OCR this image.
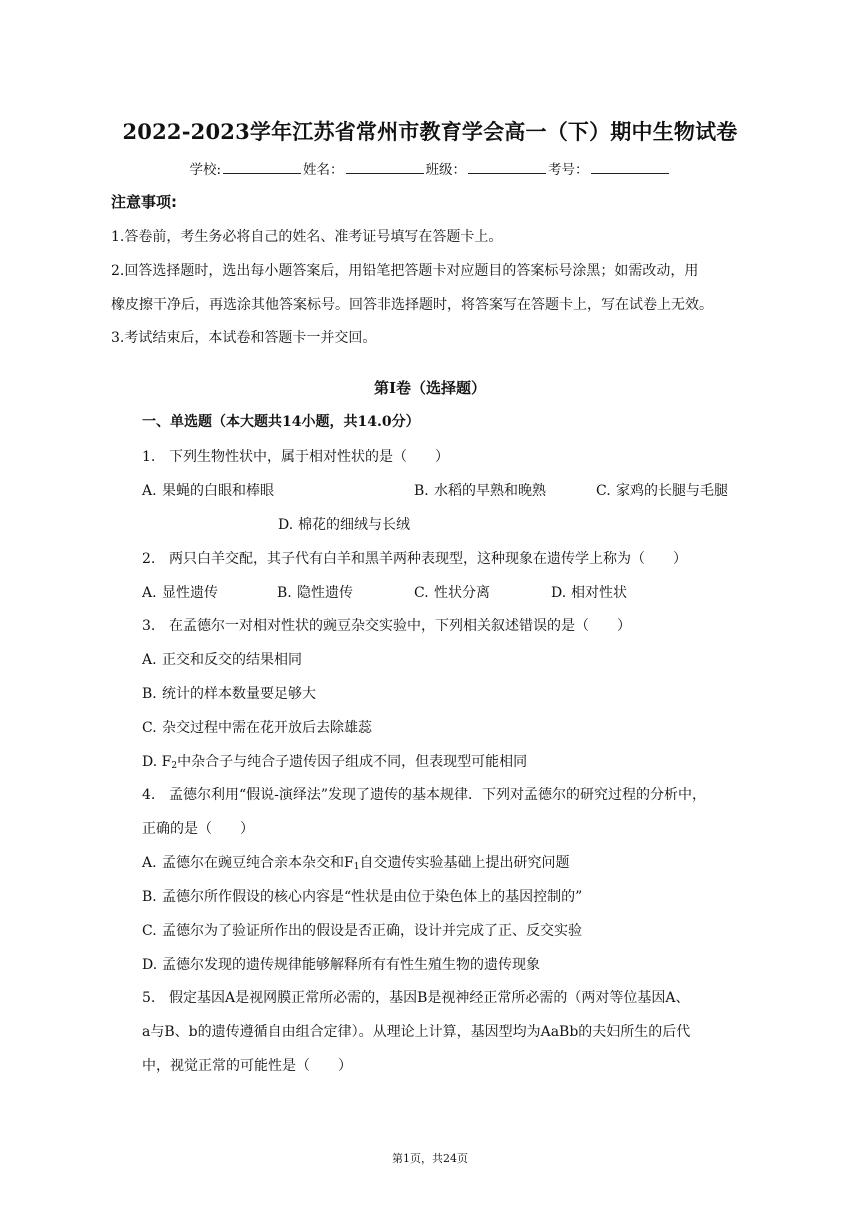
2022-2023学年江苏省常州市教育学会高一（下）期中生物试卷
学校:	姓名：	班级：	考号：
注意事项:
1.答卷前，考生务必将自己的姓名、准考证号填写在答题卡上。
2.回答选择题时，选出每小题答案后，用铅笔把答题卡对应题目的答案标号涂黑；如需改动，用
橡皮擦干净后，再选涂其他答案标号。回答非选择题时，将答案写在答题卡上，写在试卷上无效。
3.考试结束后，本试卷和答题卡一并交回。
第I卷（选择题）
一、单选题（本大题共14小题，共14.0分）
1. 下列生物性状中，属于相对性状的是（　　）
A. 果蝇的白眼和棒眼	B. 水稻的早熟和晚熟	C. 家鸡的长腿与毛腿
D. 棉花的细绒与长绒
2. 两只白羊交配，其子代有白羊和黑羊两种表现型，这种现象在遗传学上称为（　　）
A. 显性遗传	B. 隐性遗传	C. 性状分离	D. 相对性状
3. 在孟德尔一对相对性状的豌豆杂交实验中，下列相关叙述错误的是（　　）
A. 正交和反交的结果相同
B. 统计的样本数量要足够大
C. 杂交过程中需在花开放后去除雄蕊
D. $F_2$中杂合子与纯合子遗传因子组成不同，但表现型可能相同
4. 孟德尔利用“假说-演绎法”发现了遗传的基本规律．下列对孟德尔的研究过程的分析中，
正确的是（　　）
A. 孟德尔在豌豆纯合亲本杂交和$F_1$自交遗传实验基础上提出研究问题
B. 孟德尔所作假设的核心内容是“性状是由位于染色体上的基因控制的”
C. 孟德尔为了验证所作出的假设是否正确，设计并完成了正、反交实验
D. 孟德尔发现的遗传规律能够解释所有有性生殖生物的遗传现象
5. 假定基因A是视网膜正常所必需的，基因B是视神经正常所必需的（两对等位基因A、
a与B、b的遗传遵循自由组合定律）。从理论上计算，基因型均为AaBb的夫妇所生的后代
中，视觉正常的可能性是（　　）
第1页，共24页
